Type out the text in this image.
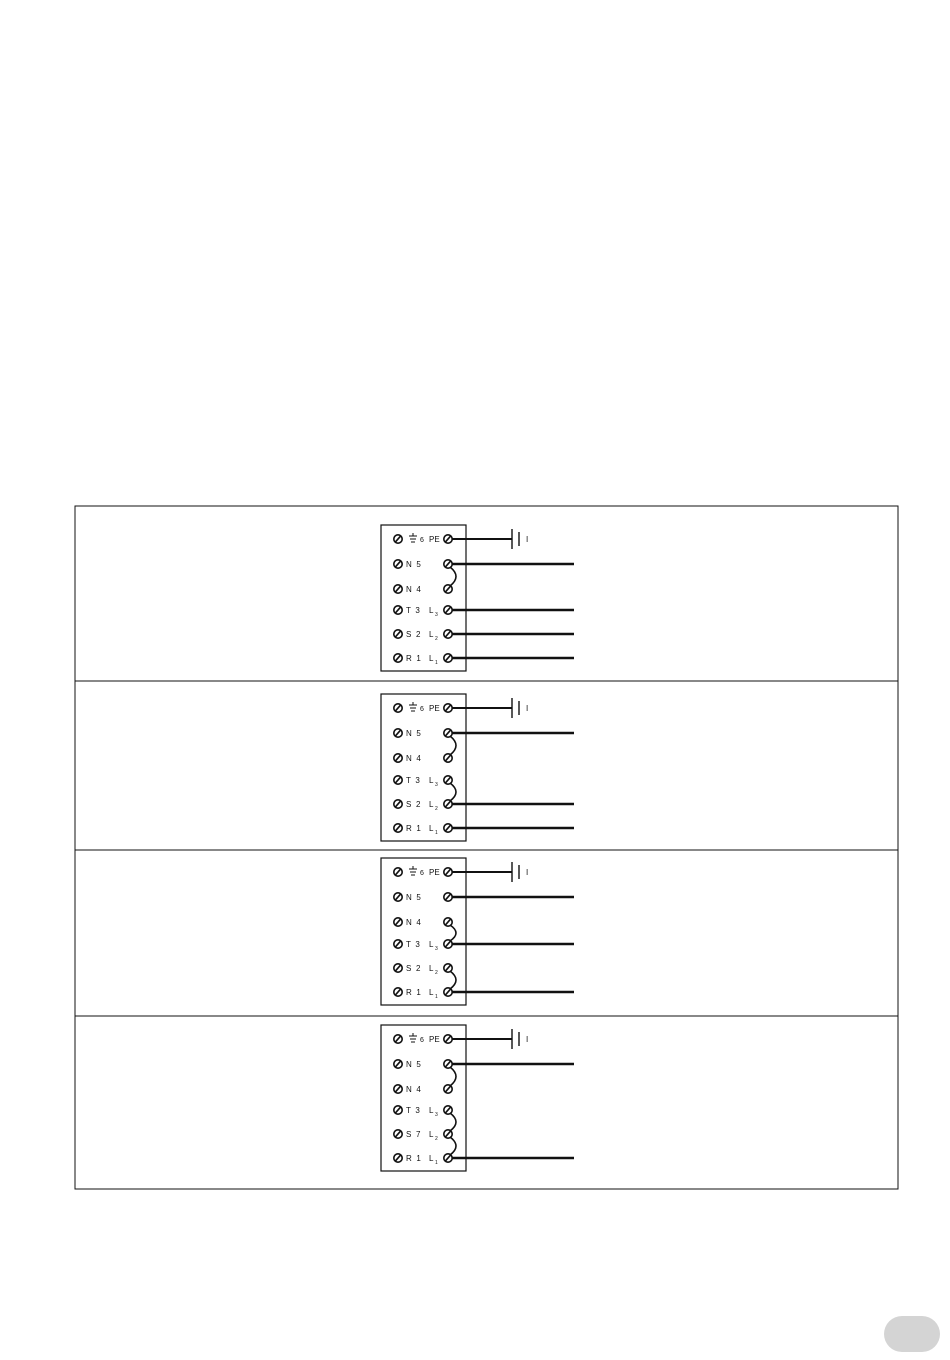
6 PE
N 5
N 4
T 3 L 3
S 2 L 2
R 1 L 1
I
6 PE
N 5
N 4
T 3 L 3
S 2 L 2
R 1 L 1
I
6 PE
N 5
N 4
T 3 L 3
S 2 L 2
R 1 L 1
I
6 PE
N 5
N 4
T 3 L 3
S 7 L 2
R 1 L 1
I
